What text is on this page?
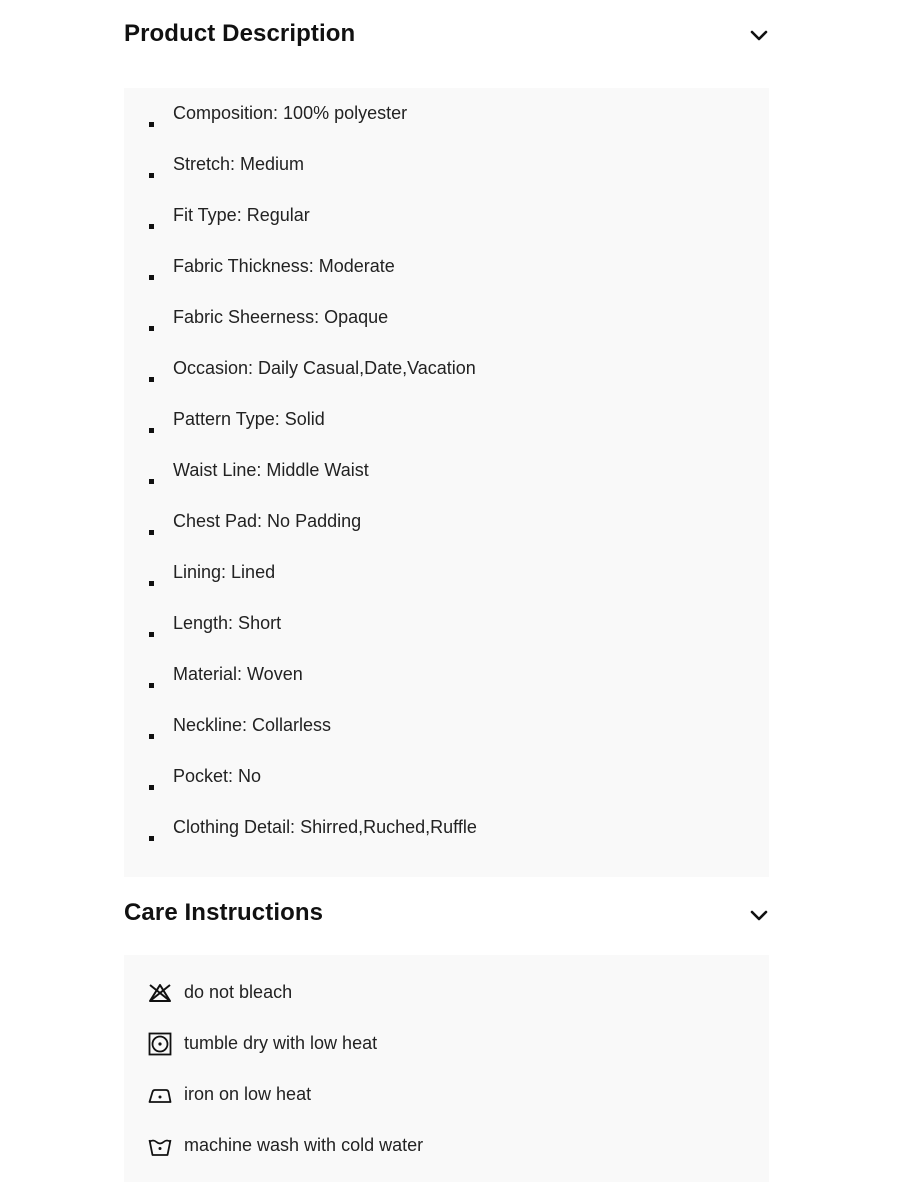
Product Description
Composition: 100% polyester
Stretch: Medium
Fit Type: Regular
Fabric Thickness: Moderate
Fabric Sheerness: Opaque
Occasion: Daily Casual,Date,Vacation
Pattern Type: Solid
Waist Line: Middle Waist
Chest Pad: No Padding
Lining: Lined
Length: Short
Material: Woven
Neckline: Collarless
Pocket: No
Clothing Detail: Shirred,Ruched,Ruffle
Care Instructions
do not bleach
tumble dry with low heat
iron on low heat
machine wash with cold water
